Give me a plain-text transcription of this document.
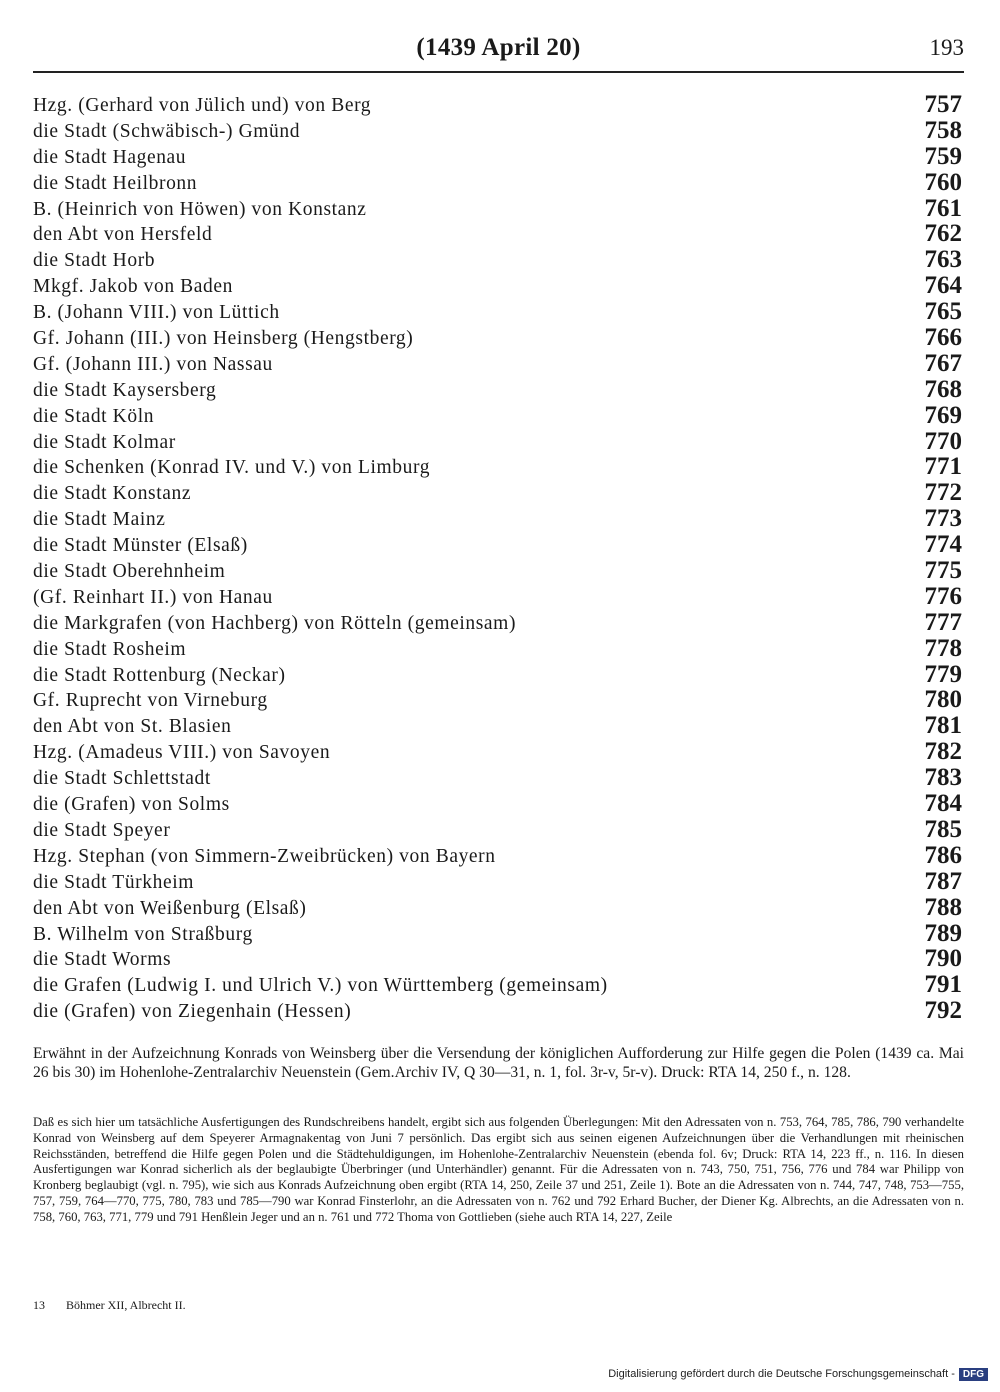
(1439 April 20)	193
Hzg. (Gerhard von Jülich und) von Berg	757
die Stadt (Schwäbisch-) Gmünd	758
die Stadt Hagenau	759
die Stadt Heilbronn	760
B. (Heinrich von Höwen) von Konstanz	761
den Abt von Hersfeld	762
die Stadt Horb	763
Mkgf. Jakob von Baden	764
B. (Johann VIII.) von Lüttich	765
Gf. Johann (III.) von Heinsberg (Hengstberg)	766
Gf. (Johann III.) von Nassau	767
die Stadt Kaysersberg	768
die Stadt Köln	769
die Stadt Kolmar	770
die Schenken (Konrad IV. und V.) von Limburg	771
die Stadt Konstanz	772
die Stadt Mainz	773
die Stadt Münster (Elsaß)	774
die Stadt Oberehnheim	775
(Gf. Reinhart II.) von Hanau	776
die Markgrafen (von Hachberg) von Rötteln (gemeinsam)	777
die Stadt Rosheim	778
die Stadt Rottenburg (Neckar)	779
Gf. Ruprecht von Virneburg	780
den Abt von St. Blasien	781
Hzg. (Amadeus VIII.) von Savoyen	782
die Stadt Schlettstadt	783
die (Grafen) von Solms	784
die Stadt Speyer	785
Hzg. Stephan (von Simmern-Zweibrücken) von Bayern	786
die Stadt Türkheim	787
den Abt von Weißenburg (Elsaß)	788
B. Wilhelm von Straßburg	789
die Stadt Worms	790
die Grafen (Ludwig I. und Ulrich V.) von Württemberg (gemeinsam)	791
die (Grafen) von Ziegenhain (Hessen)	792
Erwähnt in der Aufzeichnung Konrads von Weinsberg über die Versendung der königlichen Aufforderung zur Hilfe gegen die Polen (1439 ca. Mai 26 bis 30) im Hohenlohe-Zentralarchiv Neuenstein (Gem.Archiv IV, Q 30—31, n. 1, fol. 3r-v, 5r-v). Druck: RTA 14, 250 f., n. 128.
Daß es sich hier um tatsächliche Ausfertigungen des Rundschreibens handelt, ergibt sich aus folgenden Überlegungen: Mit den Adressaten von n. 753, 764, 785, 786, 790 verhandelte Konrad von Weinsberg auf dem Speyerer Armagnakentag von Juni 7 persönlich. Das ergibt sich aus seinen eigenen Aufzeichnungen über die Verhandlungen mit rheinischen Reichsständen, betreffend die Hilfe gegen Polen und die Städtehuldigungen, im Hohenlohe-Zentralarchiv Neuenstein (ebenda fol. 6v; Druck: RTA 14, 223 ff., n. 116. In diesen Ausfertigungen war Konrad sicherlich als der beglaubigte Überbringer (und Unterhändler) genannt. Für die Adressaten von n. 743, 750, 751, 756, 776 und 784 war Philipp von Kronberg beglaubigt (vgl. n. 795), wie sich aus Konrads Aufzeichnung oben ergibt (RTA 14, 250, Zeile 37 und 251, Zeile 1). Bote an die Adressaten von n. 744, 747, 748, 753—755, 757, 759, 764—770, 775, 780, 783 und 785—790 war Konrad Finsterlohr, an die Adressaten von n. 762 und 792 Erhard Bucher, der Diener Kg. Albrechts, an die Adressaten von n. 758, 760, 763, 771, 779 und 791 Henßlein Jeger und an n. 761 und 772 Thoma von Gottlieben (siehe auch RTA 14, 227, Zeile
13 Böhmer XII, Albrecht II.
Digitalisierung gefördert durch die Deutsche Forschungsgemeinschaft - DFG
